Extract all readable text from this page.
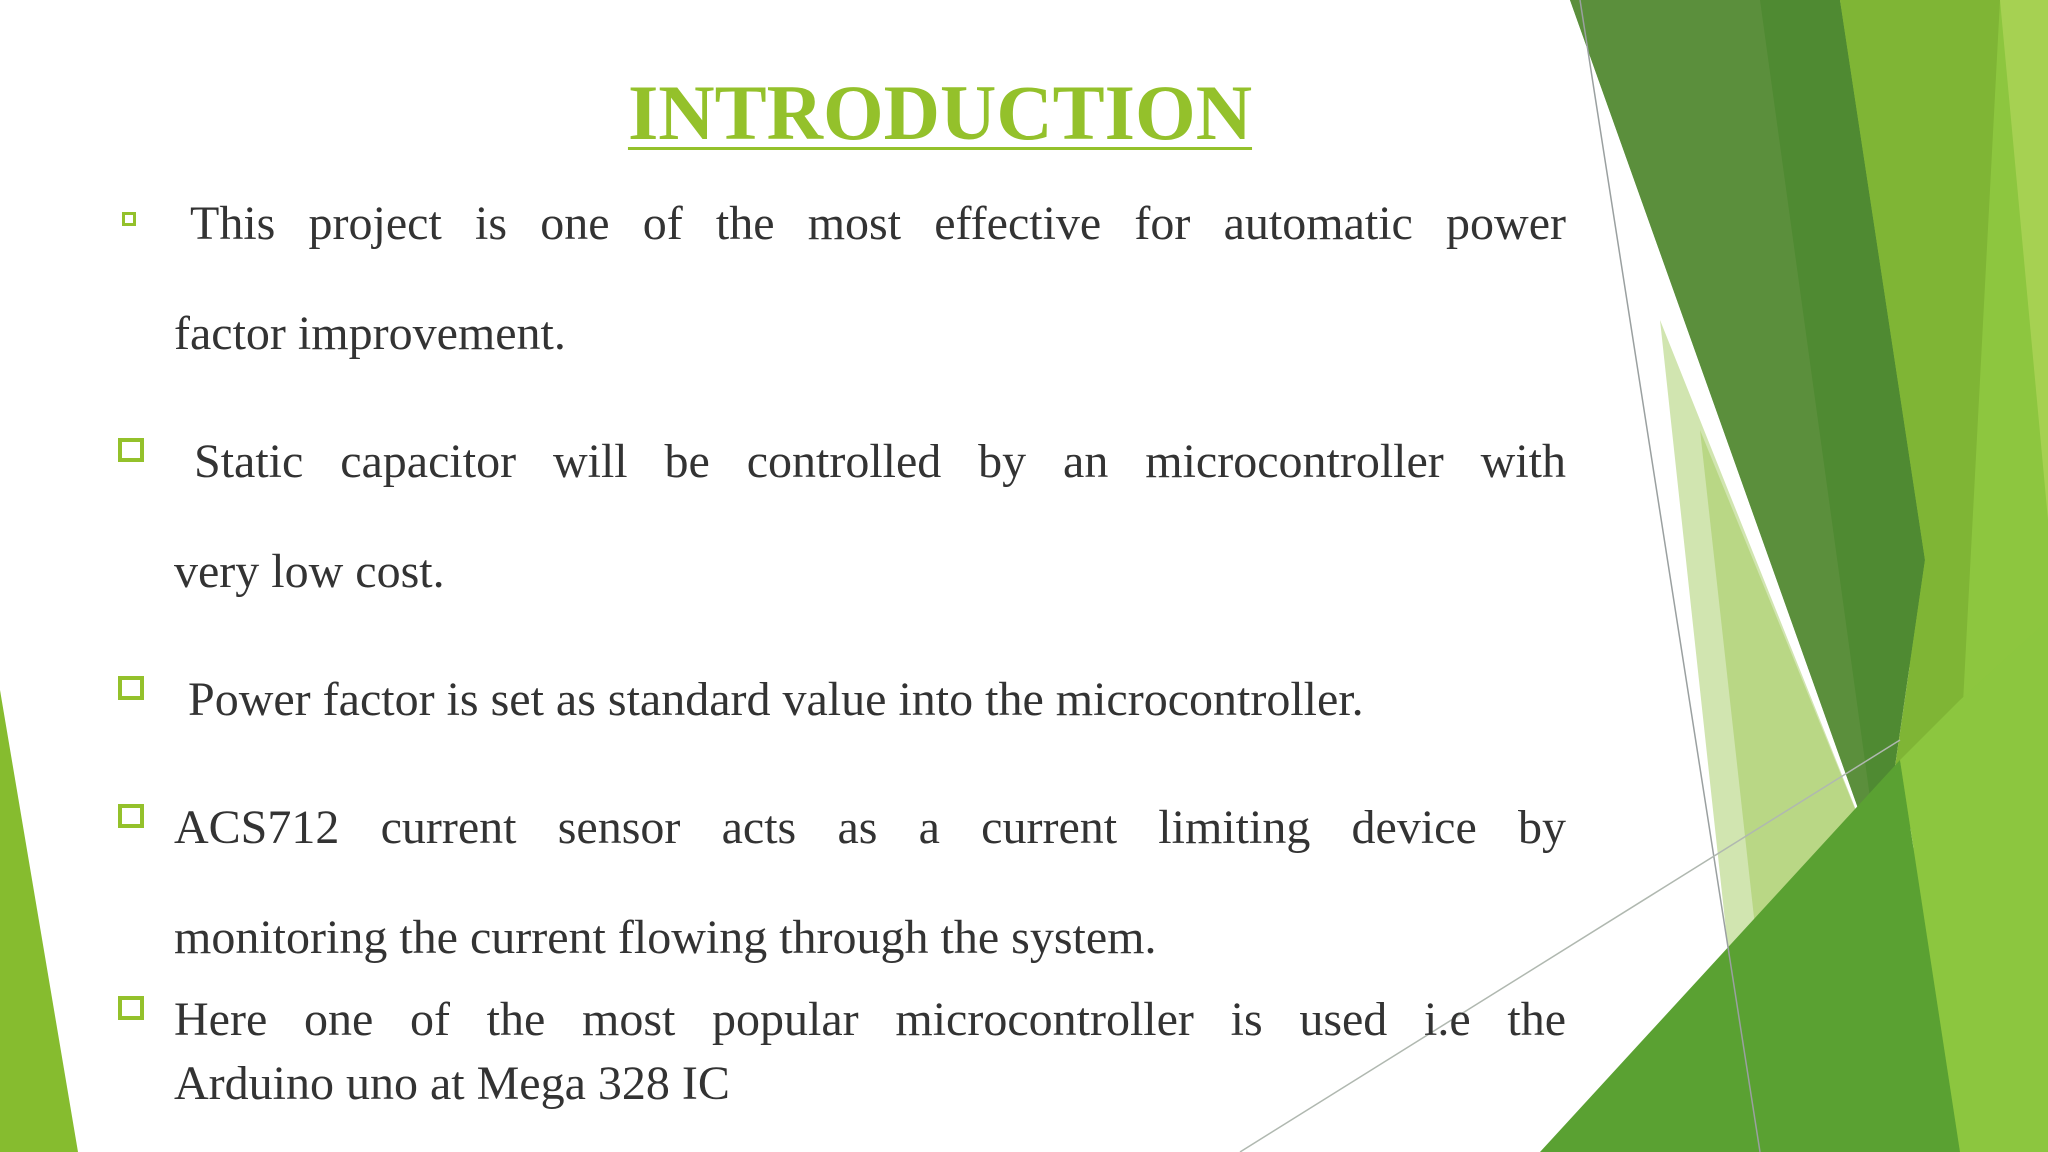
INTRODUCTION
This project is one of the most effective for automatic power
factor improvement.
Static capacitor will be controlled by an microcontroller with
very low cost.
Power factor is set as standard value into the microcontroller.
ACS712 current sensor acts as a current limiting device by
monitoring the current flowing through the system.
Here one of the most popular microcontroller is used i.e the
Arduino uno at Mega 328 IC
